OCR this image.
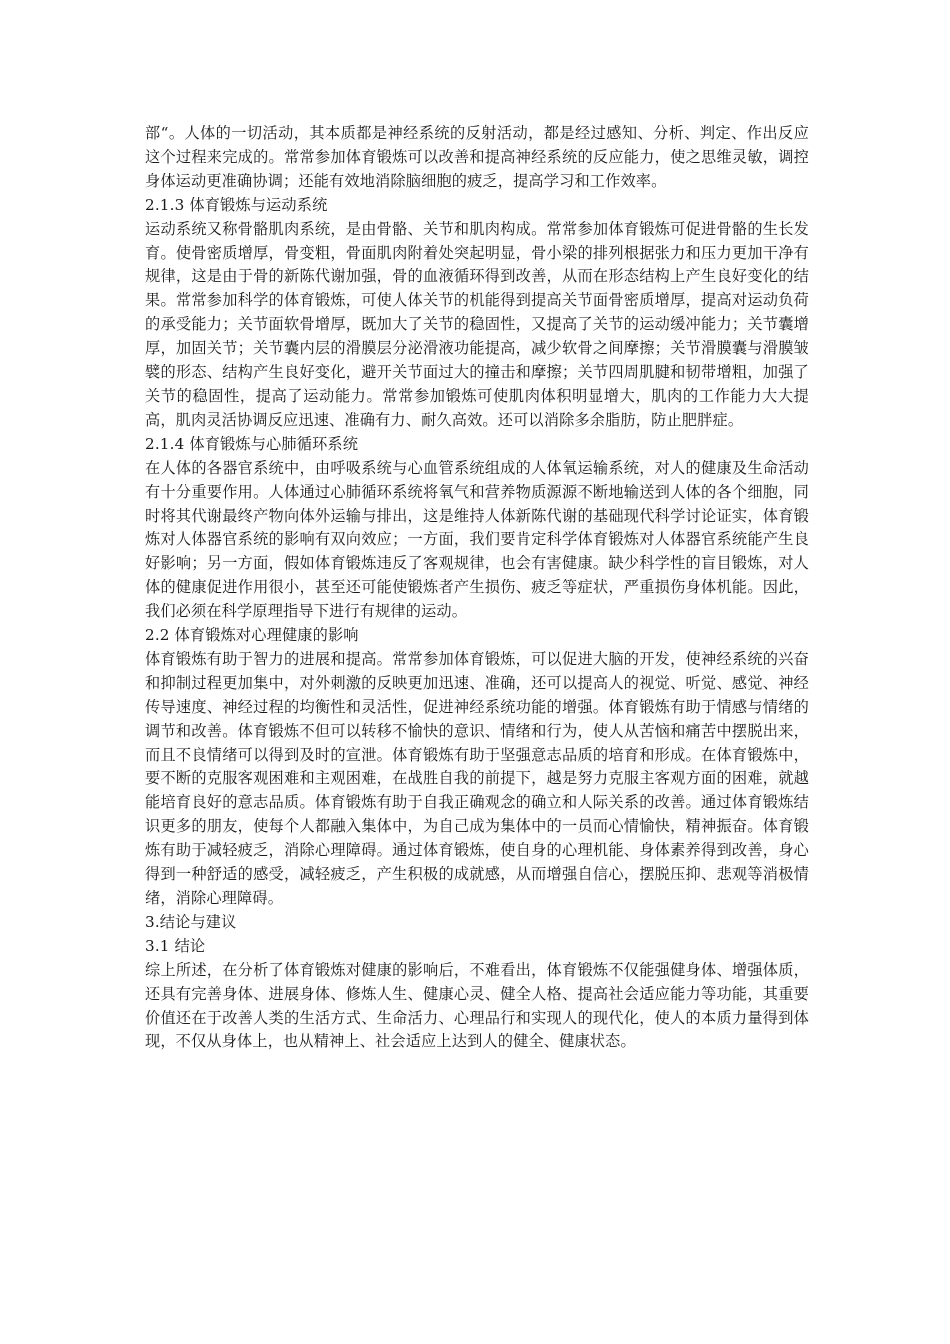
部“。人体的一切活动，其本质都是神经系统的反射活动，都是经过感知、分析、判定、作出反应这个过程来完成的。常常参加体育锻炼可以改善和提高神经系统的反应能力，使之思维灵敏，调控身体运动更准确协调；还能有效地消除脑细胞的疲乏，提高学习和工作效率。

2.1.3 体育锻炼与运动系统

运动系统又称骨骼肌肉系统，是由骨骼、关节和肌肉构成。常常参加体育锻炼可促进骨骼的生长发育。使骨密质增厚，骨变粗，骨面肌肉附着处突起明显，骨小梁的排列根据张力和压力更加干净有规律，这是由于骨的新陈代谢加强，骨的血液循环得到改善，从而在形态结构上产生良好变化的结果。常常参加科学的体育锻炼，可使人体关节的机能得到提高关节面骨密质增厚，提高对运动负荷的承受能力；关节面软骨增厚，既加大了关节的稳固性，又提高了关节的运动缓冲能力；关节囊增厚，加固关节；关节囊内层的滑膜层分泌滑液功能提高，减少软骨之间摩擦；关节滑膜囊与滑膜皱襞的形态、结构产生良好变化，避开关节面过大的撞击和摩擦；关节四周肌腱和韧带增粗，加强了关节的稳固性，提高了运动能力。常常参加锻炼可使肌肉体积明显增大，肌肉的工作能力大大提高，肌肉灵活协调反应迅速、准确有力、耐久高效。还可以消除多余脂肪，防止肥胖症。

2.1.4 体育锻炼与心肺循环系统

在人体的各器官系统中，由呼吸系统与心血管系统组成的人体氧运输系统，对人的健康及生命活动有十分重要作用。人体通过心肺循环系统将氧气和营养物质源源不断地输送到人体的各个细胞，同时将其代谢最终产物向体外运输与排出，这是维持人体新陈代谢的基础现代科学讨论证实，体育锻炼对人体器官系统的影响有双向效应；一方面，我们要肯定科学体育锻炼对人体器官系统能产生良好影响；另一方面，假如体育锻炼违反了客观规律，也会有害健康。缺少科学性的盲目锻炼，对人体的健康促进作用很小，甚至还可能使锻炼者产生损伤、疲乏等症状，严重损伤身体机能。因此，我们必须在科学原理指导下进行有规律的运动。

2.2 体育锻炼对心理健康的影响

体育锻炼有助于智力的进展和提高。常常参加体育锻炼，可以促进大脑的开发，使神经系统的兴奋和抑制过程更加集中，对外刺激的反映更加迅速、准确，还可以提高人的视觉、听觉、感觉、神经传导速度、神经过程的均衡性和灵活性，促进神经系统功能的增强。体育锻炼有助于情感与情绪的调节和改善。体育锻炼不但可以转移不愉快的意识、情绪和行为，使人从苦恼和痛苦中摆脱出来，而且不良情绪可以得到及时的宣泄。体育锻炼有助于坚强意志品质的培育和形成。在体育锻炼中，要不断的克服客观困难和主观困难，在战胜自我的前提下，越是努力克服主客观方面的困难，就越能培育良好的意志品质。体育锻炼有助于自我正确观念的确立和人际关系的改善。通过体育锻炼结识更多的朋友，使每个人都融入集体中，为自己成为集体中的一员而心情愉快，精神振奋。体育锻炼有助于减轻疲乏，消除心理障碍。通过体育锻炼，使自身的心理机能、身体素养得到改善，身心得到一种舒适的感受，减轻疲乏，产生积极的成就感，从而增强自信心，摆脱压抑、悲观等消极情绪，消除心理障碍。

3.结论与建议
3.1 结论

综上所述，在分析了体育锻炼对健康的影响后，不难看出，体育锻炼不仅能强健身体、增强体质，还具有完善身体、进展身体、修炼人生、健康心灵、健全人格、提高社会适应能力等功能，其重要价值还在于改善人类的生活方式、生命活力、心理品行和实现人的现代化，使人的本质力量得到体现，不仅从身体上，也从精神上、社会适应上达到人的健全、健康状态。
